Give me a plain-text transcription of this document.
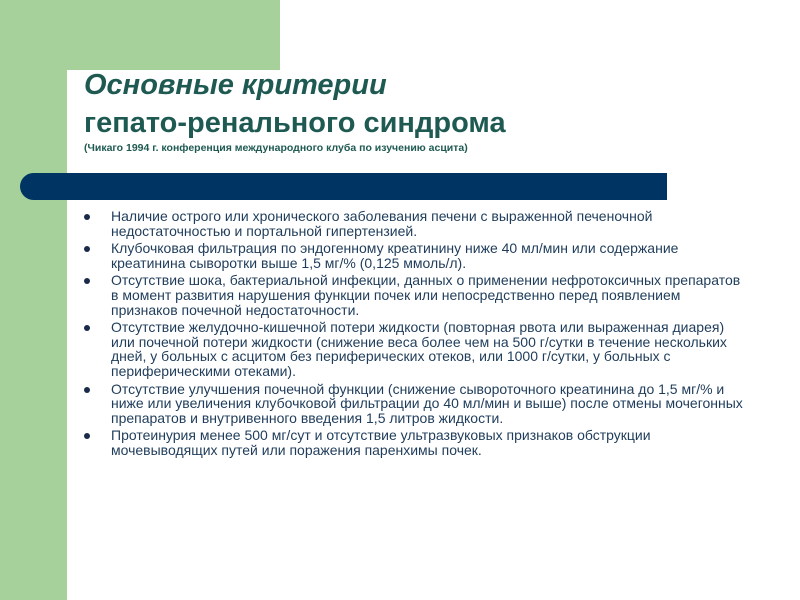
Основные критерии
гепато-ренального синдрома

(Чикаго 1994 г. конференция международного клуба по изучению асцита)

Наличие острого или хронического заболевания печени с выраженной печеночной недостаточностью и портальной гипертензией.
Клубочковая фильтрация по эндогенному креатинину ниже 40 мл/мин или содержание креатинина сыворотки выше 1,5 мг/% (0,125 ммоль/л).
Отсутствие шока, бактериальной инфекции, данных о применении нефротоксичных препаратов в момент развития нарушения функции почек или непосредственно перед появлением признаков почечной недостаточности.
Отсутствие желудочно-кишечной потери жидкости (повторная рвота или выраженная диарея) или почечной потери жидкости (снижение веса более чем на 500 г/сутки в течение нескольких дней, у больных с асцитом без периферических отеков, или 1000 г/сутки, у больных с периферическими отеками).
Отсутствие улучшения почечной функции (снижение сывороточного креатинина до 1,5 мг/% и ниже или увеличения клубочковой фильтрации до 40 мл/мин и выше) после отмены мочегонных препаратов и внутривенного введения 1,5 литров жидкости.
Протеинурия менее 500 мг/сут и отсутствие ультразвуковых признаков обструкции мочевыводящих путей или поражения паренхимы почек.
